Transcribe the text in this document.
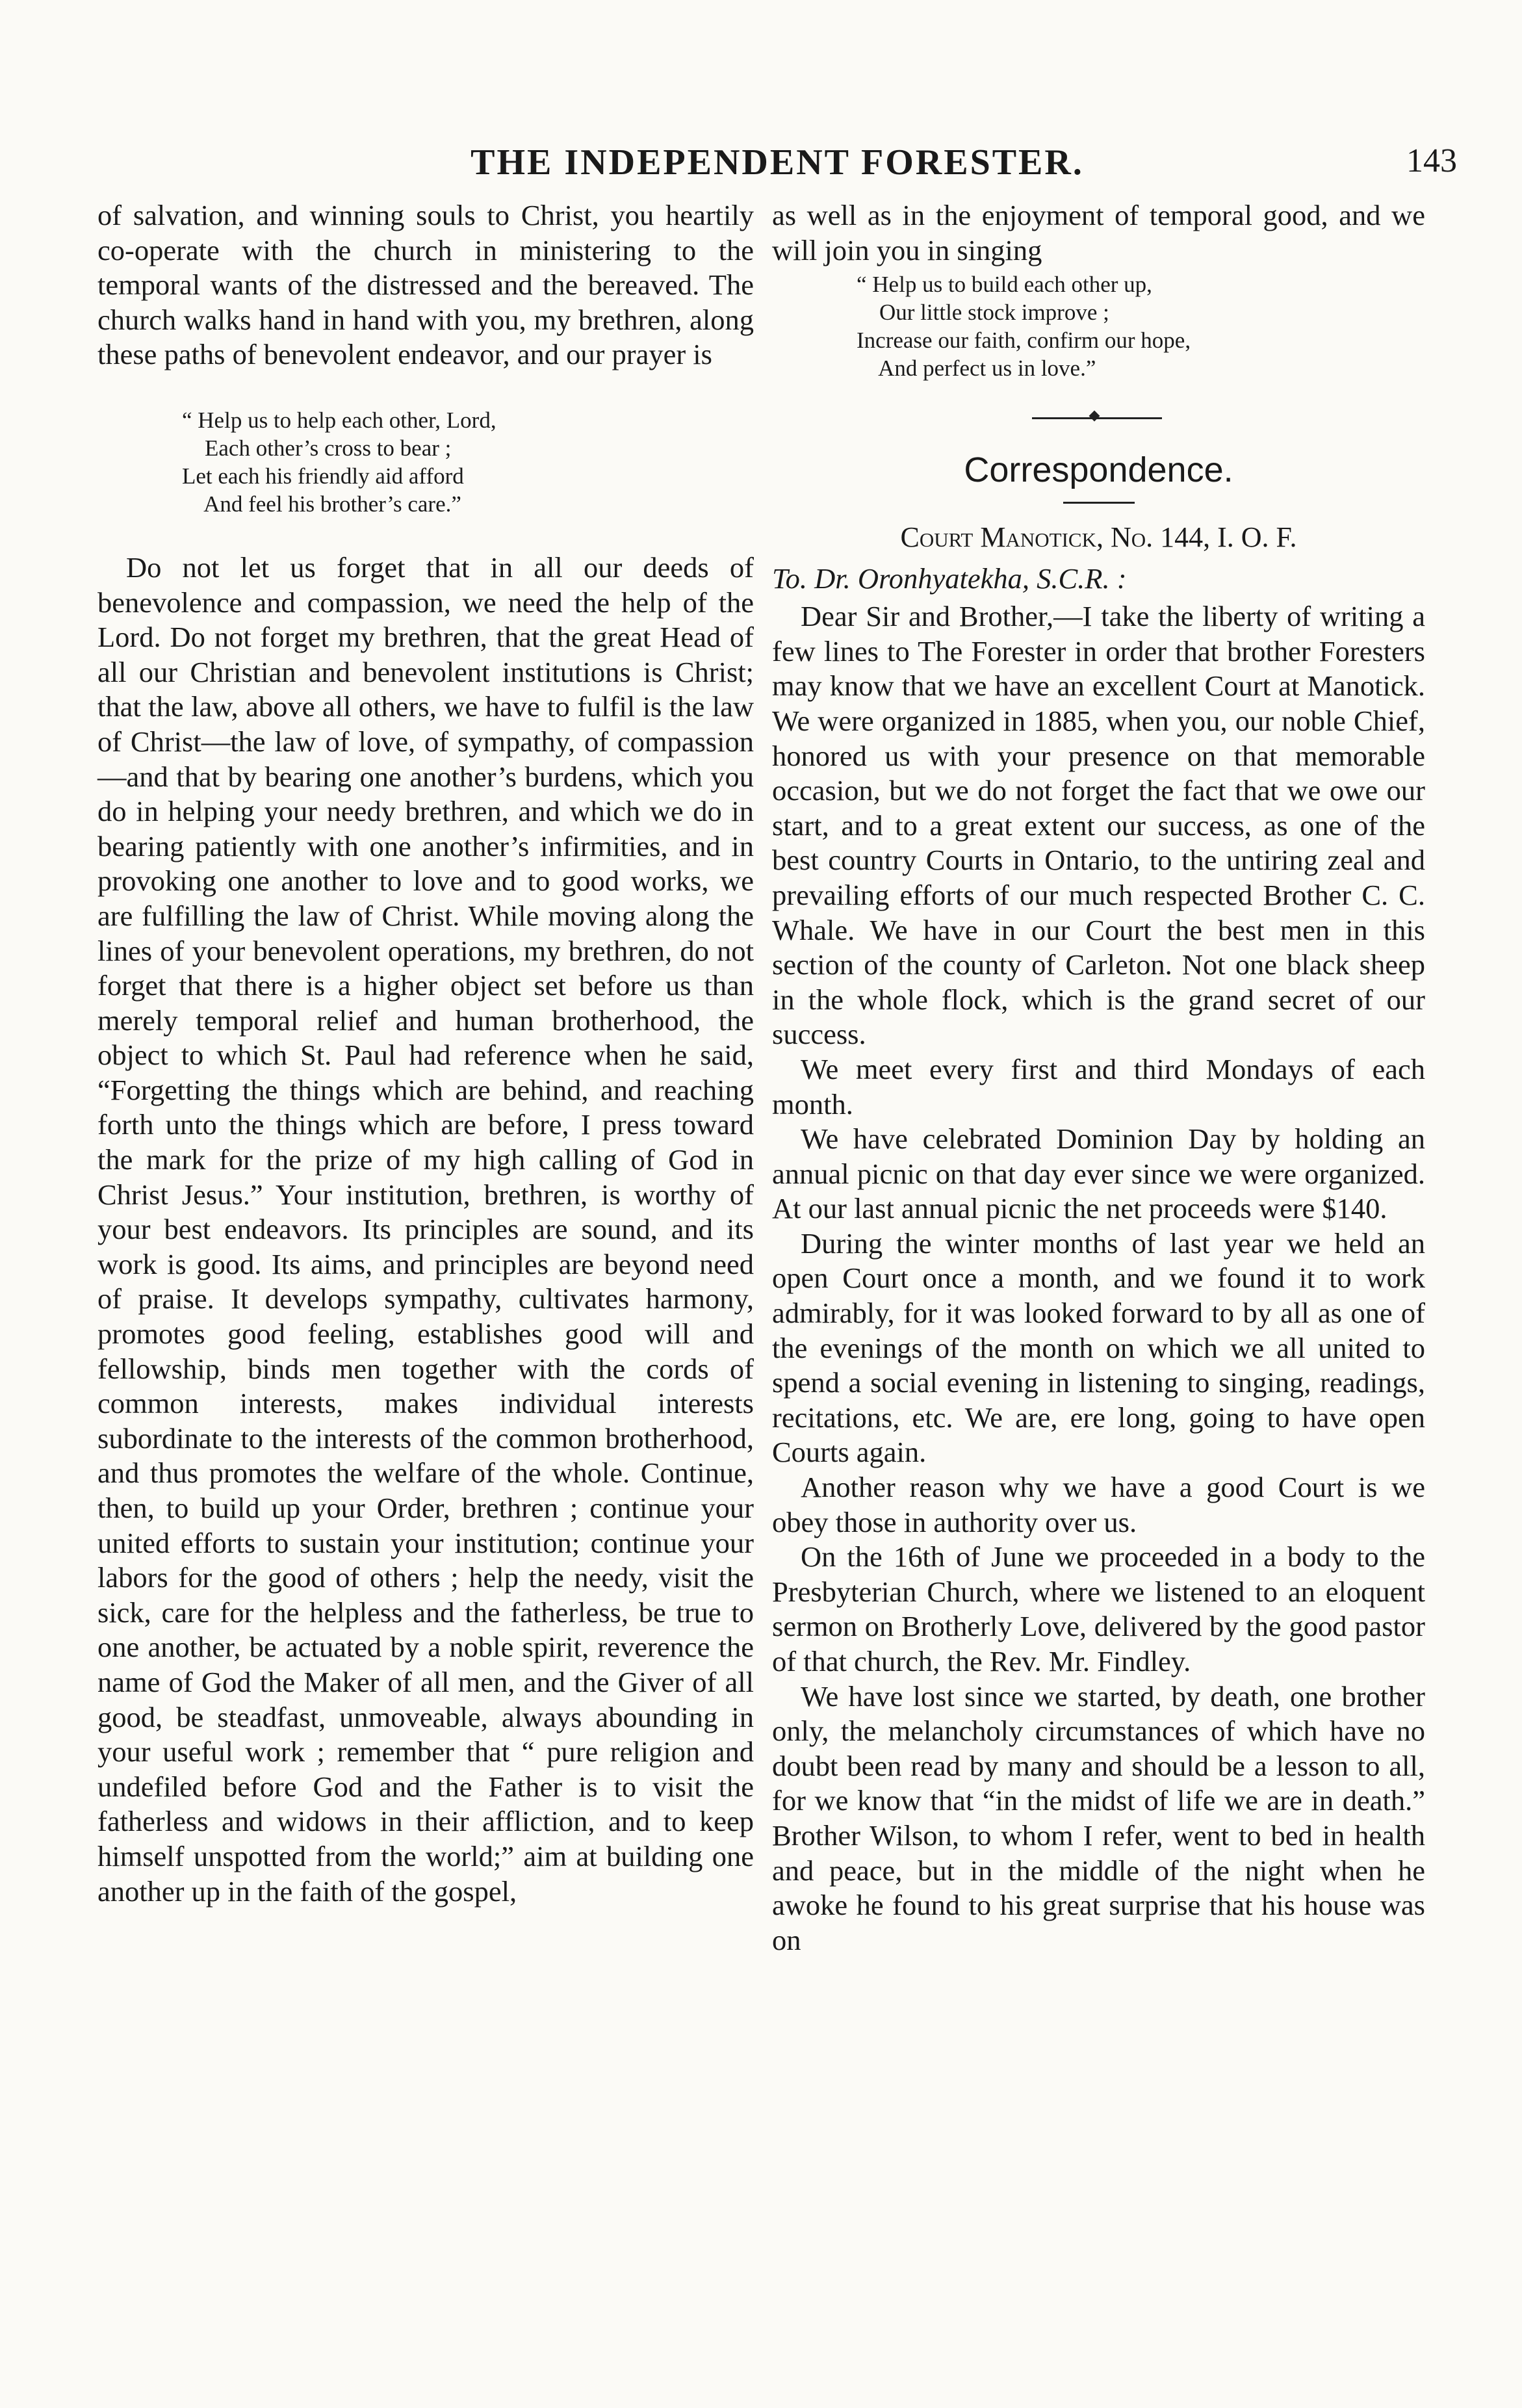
THE INDEPENDENT FORESTER.	143

of salvation, and winning souls to Christ, you heartily co-operate with the church in ministering to the temporal wants of the distressed and the bereaved. The church walks hand in hand with you, my brethren, along these paths of benevolent endeavor, and our prayer is

“ Help us to help each other, Lord,
Each other’s cross to bear ;
Let each his friendly aid afford
And feel his brother’s care.”

Do not let us forget that in all our deeds of benevolence and compassion, we need the help of the Lord. Do not forget my brethren, that the great Head of all our Christian and benevolent institutions is Christ; that the law, above all others, we have to fulfil is the law of Christ—the law of love, of sympathy, of compassion—and that by bearing one another’s burdens, which you do in helping your needy brethren, and which we do in bearing patiently with one another’s infirmities, and in provoking one another to love and to good works, we are fulfilling the law of Christ. While moving along the lines of your benevolent operations, my brethren, do not forget that there is a higher object set before us than merely temporal relief and human brotherhood, the object to which St. Paul had reference when he said, “Forgetting the things which are behind, and reaching forth unto the things which are before, I press toward the mark for the prize of my high calling of God in Christ Jesus.” Your institution, brethren, is worthy of your best endeavors. Its principles are sound, and its work is good. Its aims, and principles are beyond need of praise. It develops sympathy, cultivates harmony, promotes good feeling, establishes good will and fellowship, binds men together with the cords of common interests, makes individual interests subordinate to the interests of the common brotherhood, and thus promotes the welfare of the whole. Continue, then, to build up your Order, brethren ; continue your united efforts to sustain your institution; continue your labors for the good of others ; help the needy, visit the sick, care for the helpless and the fatherless, be true to one another, be actuated by a noble spirit, reverence the name of God the Maker of all men, and the Giver of all good, be steadfast, unmoveable, always abounding in your useful work ; remember that “ pure religion and undefiled before God and the Father is to visit the fatherless and widows in their affliction, and to keep himself unspotted from the world;” aim at building one another up in the faith of the gospel,

as well as in the enjoyment of temporal good, and we will join you in singing

“ Help us to build each other up,
Our little stock improve ;
Increase our faith, confirm our hope,
And perfect us in love.”
Correspondence.
Court Manotick, No. 144, I. O. F.
To. Dr. Oronhyatekha, S.C.R. :

Dear Sir and Brother,—I take the liberty of writing a few lines to The Forester in order that brother Foresters may know that we have an excellent Court at Manotick. We were organized in 1885, when you, our noble Chief, honored us with your presence on that memorable occasion, but we do not forget the fact that we owe our start, and to a great extent our success, as one of the best country Courts in Ontario, to the untiring zeal and prevailing efforts of our much respected Brother C. C. Whale. We have in our Court the best men in this section of the county of Carleton. Not one black sheep in the whole flock, which is the grand secret of our success.

We meet every first and third Mondays of each month.

We have celebrated Dominion Day by holding an annual picnic on that day ever since we were organized. At our last annual picnic the net proceeds were $140.

During the winter months of last year we held an open Court once a month, and we found it to work admirably, for it was looked forward to by all as one of the evenings of the month on which we all united to spend a social evening in listening to singing, readings, recitations, etc. We are, ere long, going to have open Courts again.

Another reason why we have a good Court is we obey those in authority over us.

On the 16th of June we proceeded in a body to the Presbyterian Church, where we listened to an eloquent sermon on Brotherly Love, delivered by the good pastor of that church, the Rev. Mr. Findley.

We have lost since we started, by death, one brother only, the melancholy circumstances of which have no doubt been read by many and should be a lesson to all, for we know that “in the midst of life we are in death.” Brother Wilson, to whom I refer, went to bed in health and peace, but in the middle of the night when he awoke he found to his great surprise that his house was on
